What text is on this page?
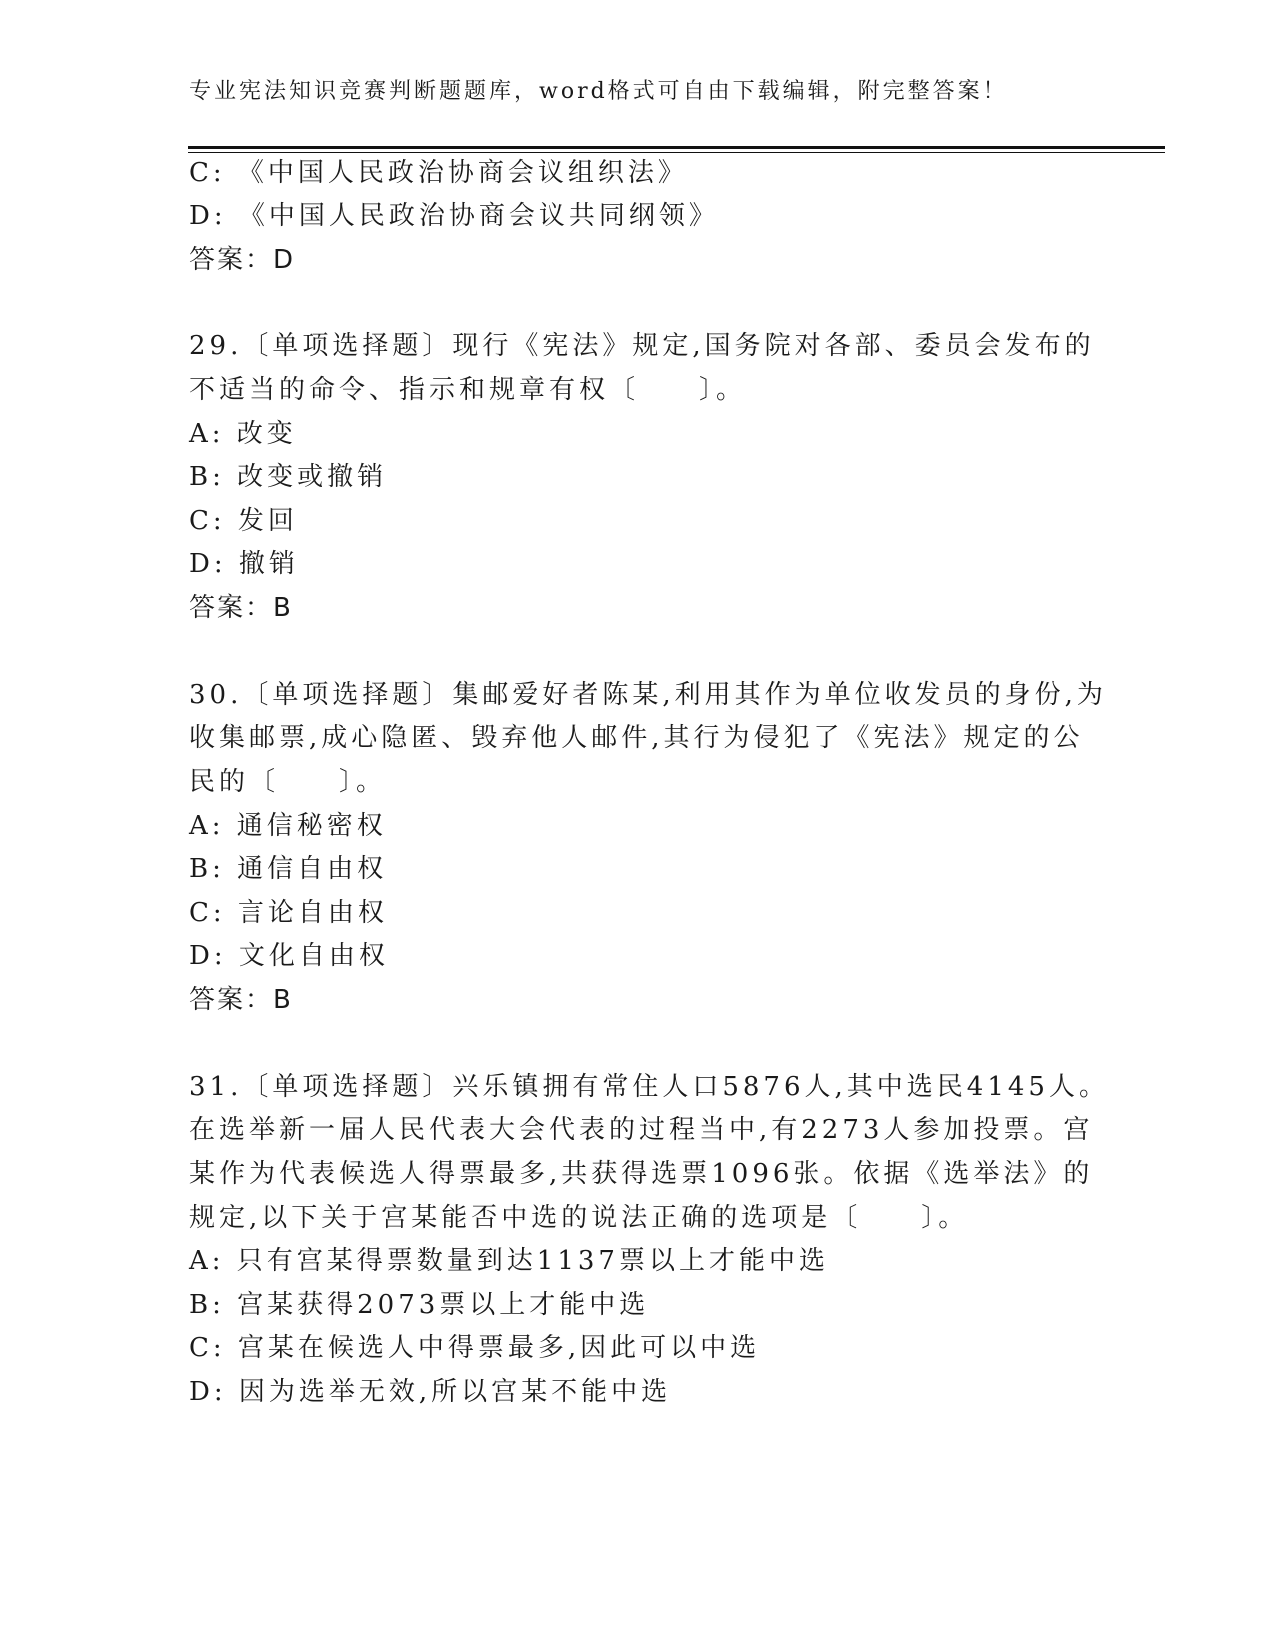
专业宪法知识竞赛判断题题库，word格式可自由下载编辑，附完整答案！
C: 《中国人民政治协商会议组织法》
D: 《中国人民政治协商会议共同纲领》
答案：D
29.〔单项选择题〕现行《宪法》规定,国务院对各部、委员会发布的
不适当的命令、指示和规章有权〔　　〕。
A: 改变
B: 改变或撤销
C: 发回
D: 撤销
答案：B
30.〔单项选择题〕集邮爱好者陈某,利用其作为单位收发员的身份,为
收集邮票,成心隐匿、毁弃他人邮件,其行为侵犯了《宪法》规定的公
民的〔　　〕。
A: 通信秘密权
B: 通信自由权
C: 言论自由权
D: 文化自由权
答案：B
31.〔单项选择题〕兴乐镇拥有常住人口5876人,其中选民4145人。
在选举新一届人民代表大会代表的过程当中,有2273人参加投票。宫
某作为代表候选人得票最多,共获得选票1096张。依据《选举法》的
规定,以下关于宫某能否中选的说法正确的选项是〔　　〕。
A: 只有宫某得票数量到达1137票以上才能中选
B: 宫某获得2073票以上才能中选
C: 宫某在候选人中得票最多,因此可以中选
D: 因为选举无效,所以宫某不能中选
